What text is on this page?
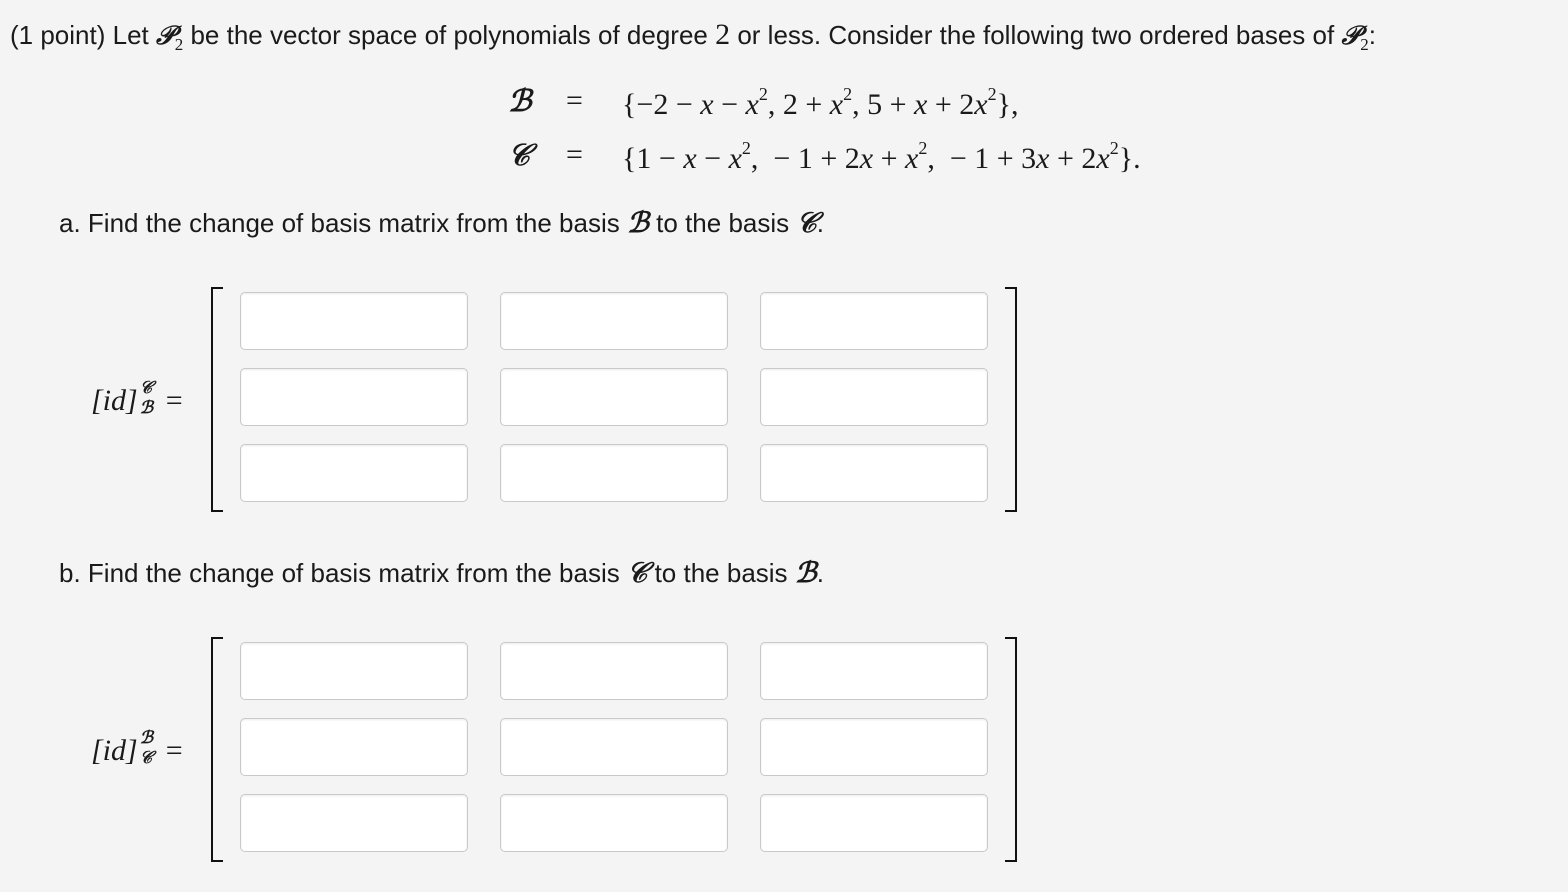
(1 point) Let 𝒫$_2$ be the vector space of polynomials of degree 2 or less. Consider the following two ordered bases of 𝒫$_2$:
ℬ = {$-2 - x - x^2$, $2 + x^2$, $5 + x + 2x^2$},
𝒞 = {$1 - x - x^2$,  − $1 + 2x + x^2$,  − $1 + 3x + 2x^2$}.
a. Find the change of basis matrix from the basis ℬ to the basis 𝒞.
[id] 𝒞
ℬ =
b. Find the change of basis matrix from the basis 𝒞 to the basis ℬ.
[id] ℬ
𝒞 =
